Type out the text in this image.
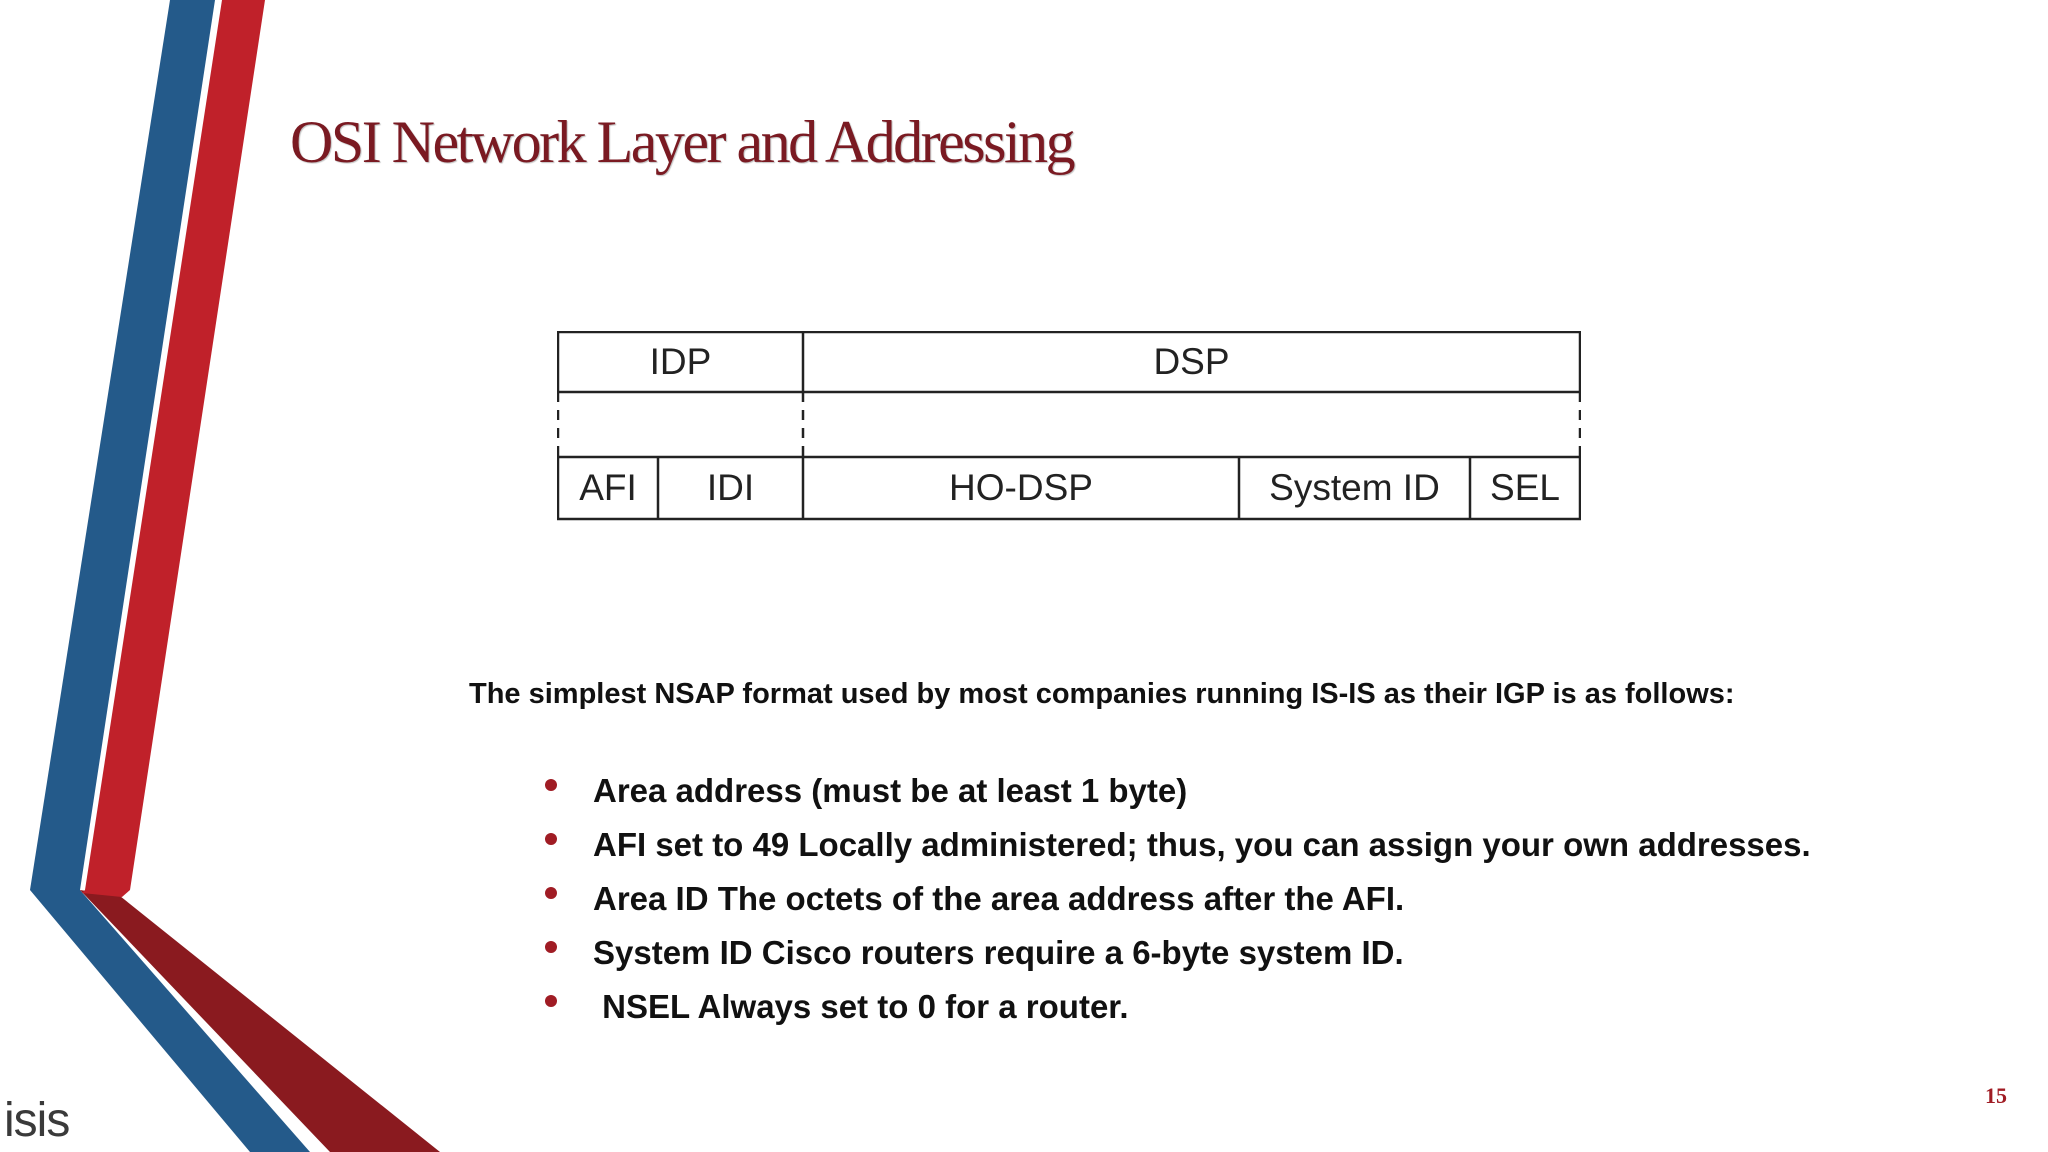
OSI Network Layer and Addressing
IDP	DSP
AFI	IDI	HO-DSP	System ID	SEL
The simplest NSAP format used by most companies running IS-IS as their IGP is as follows:
Area address (must be at least 1 byte)
AFI set to 49 Locally administered; thus, you can assign your own addresses.
Area ID The octets of the area address after the AFI.
System ID Cisco routers require a 6-byte system ID.
NSEL Always set to 0 for a router.
15
isis
